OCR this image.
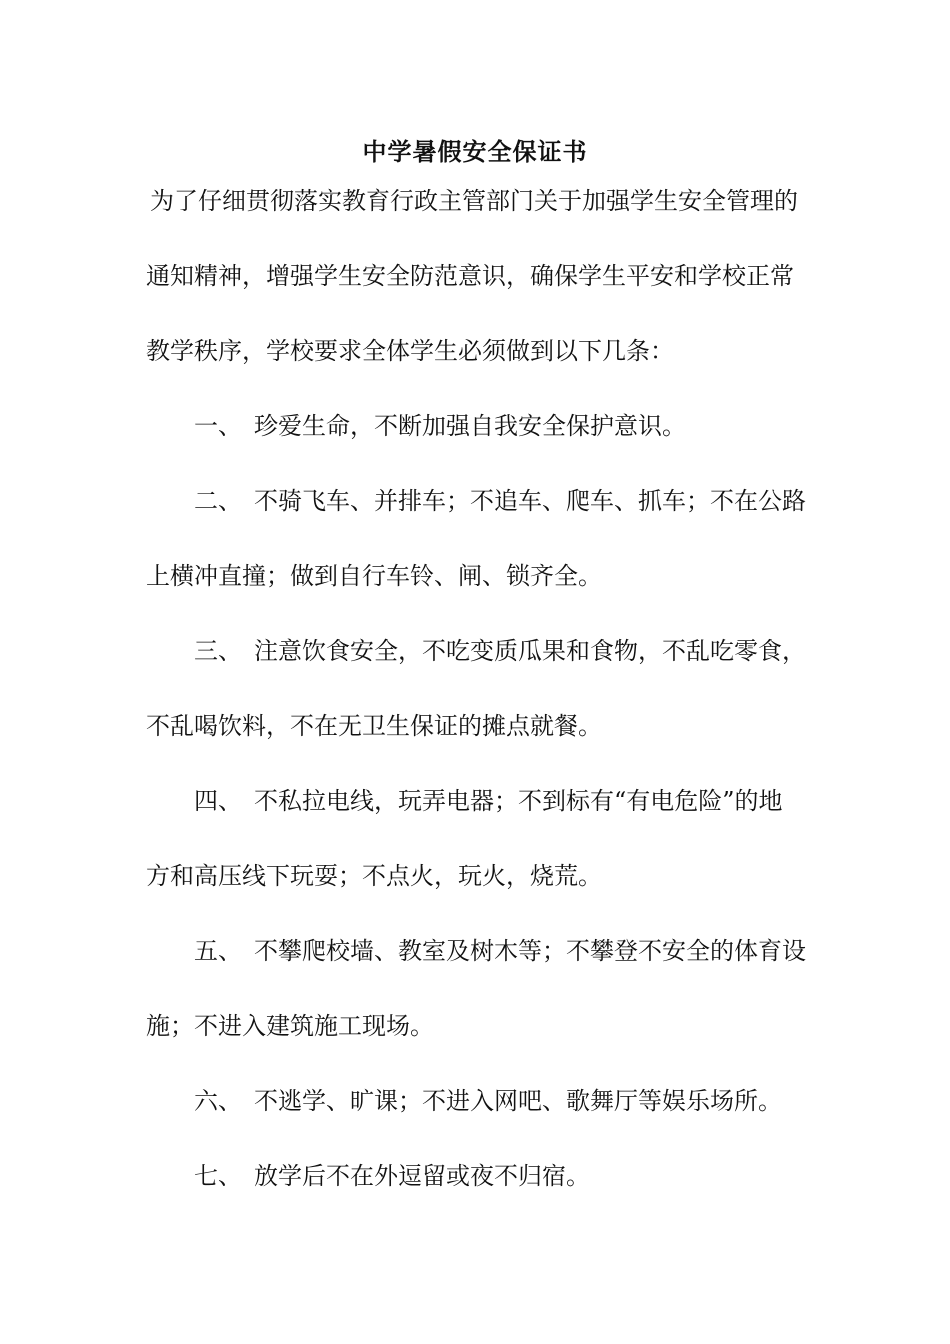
中学暑假安全保证书
为了仔细贯彻落实教育行政主管部门关于加强学生安全管理的
通知精神，增强学生安全防范意识，确保学生平安和学校正常
教学秩序，学校要求全体学生必须做到以下几条：
一、 珍爱生命，不断加强自我安全保护意识。
二、 不骑飞车、并排车；不追车、爬车、抓车；不在公路
上横冲直撞；做到自行车铃、闸、锁齐全。
三、 注意饮食安全，不吃变质瓜果和食物，不乱吃零食，
不乱喝饮料，不在无卫生保证的摊点就餐。
四、 不私拉电线，玩弄电器；不到标有“有电危险”的地
方和高压线下玩耍；不点火，玩火，烧荒。
五、 不攀爬校墙、教室及树木等；不攀登不安全的体育设
施；不进入建筑施工现场。
六、 不逃学、旷课；不进入网吧、歌舞厅等娱乐场所。
七、 放学后不在外逗留或夜不归宿。
